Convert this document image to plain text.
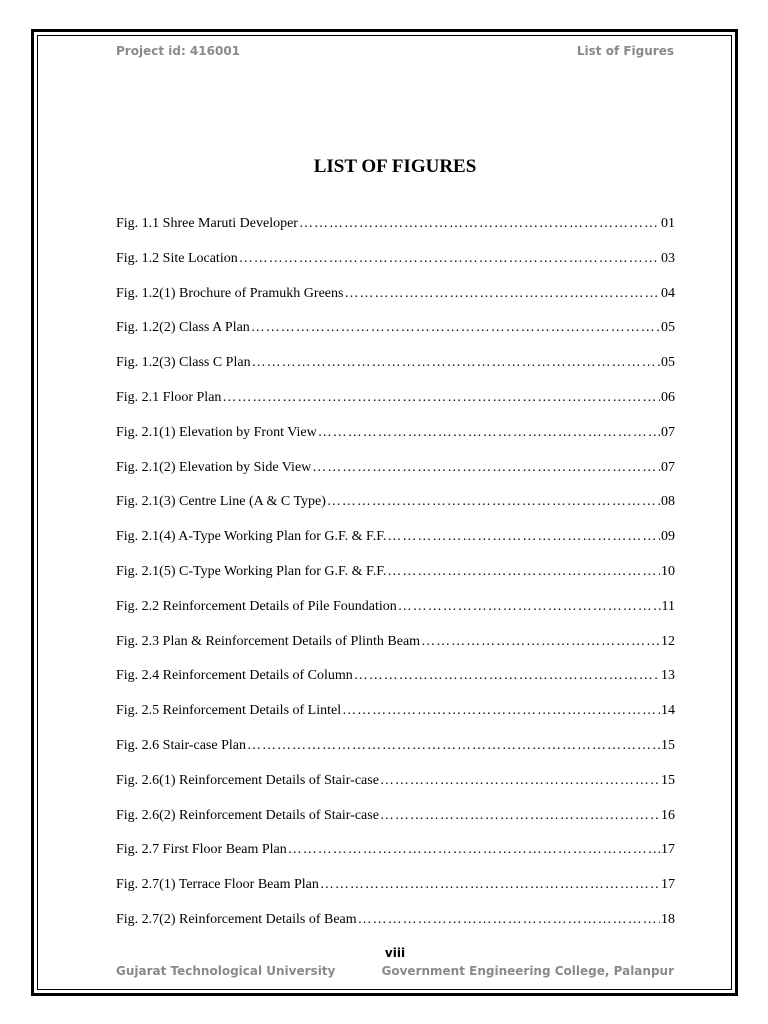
Project id: 416001	List of Figures
LIST OF FIGURES
Fig. 1.1 Shree Maruti Developer ……………………………………………………………………………………………………………………………………	01
Fig. 1.2 Site Location ……………………………………………………………………………………………………………………………………	03
Fig. 1.2(1) Brochure of Pramukh Greens ……………………………………………………………………………………………………………………………………	04
Fig. 1.2(2) Class A Plan ……………………………………………………………………………………………………………………………………	05
Fig. 1.2(3) Class C Plan ……………………………………………………………………………………………………………………………………	05
Fig. 2.1 Floor Plan ……………………………………………………………………………………………………………………………………	06
Fig. 2.1(1) Elevation by Front View ……………………………………………………………………………………………………………………………………	07
Fig. 2.1(2) Elevation by Side View ……………………………………………………………………………………………………………………………………	07
Fig. 2.1(3) Centre Line (A & C Type) ……………………………………………………………………………………………………………………………………	08
Fig. 2.1(4) A-Type Working Plan for G.F. & F.F. ……………………………………………………………………………………………………………………………………	09
Fig. 2.1(5) C-Type Working Plan for G.F. & F.F. ……………………………………………………………………………………………………………………………………	10
Fig. 2.2 Reinforcement Details of Pile Foundation ……………………………………………………………………………………………………………………………………	11
Fig. 2.3 Plan & Reinforcement Details of Plinth Beam ……………………………………………………………………………………………………………………………………	12
Fig. 2.4 Reinforcement Details of Column ……………………………………………………………………………………………………………………………………	13
Fig. 2.5 Reinforcement Details of Lintel ……………………………………………………………………………………………………………………………………	14
Fig. 2.6 Stair-case Plan ……………………………………………………………………………………………………………………………………	15
Fig. 2.6(1) Reinforcement Details of Stair-case ……………………………………………………………………………………………………………………………………	15
Fig. 2.6(2) Reinforcement Details of Stair-case ……………………………………………………………………………………………………………………………………	16
Fig. 2.7 First Floor Beam Plan ……………………………………………………………………………………………………………………………………	17
Fig. 2.7(1) Terrace Floor Beam Plan ……………………………………………………………………………………………………………………………………	17
Fig. 2.7(2) Reinforcement Details of Beam ……………………………………………………………………………………………………………………………………	18
viii
Gujarat Technological University	Government Engineering College, Palanpur
